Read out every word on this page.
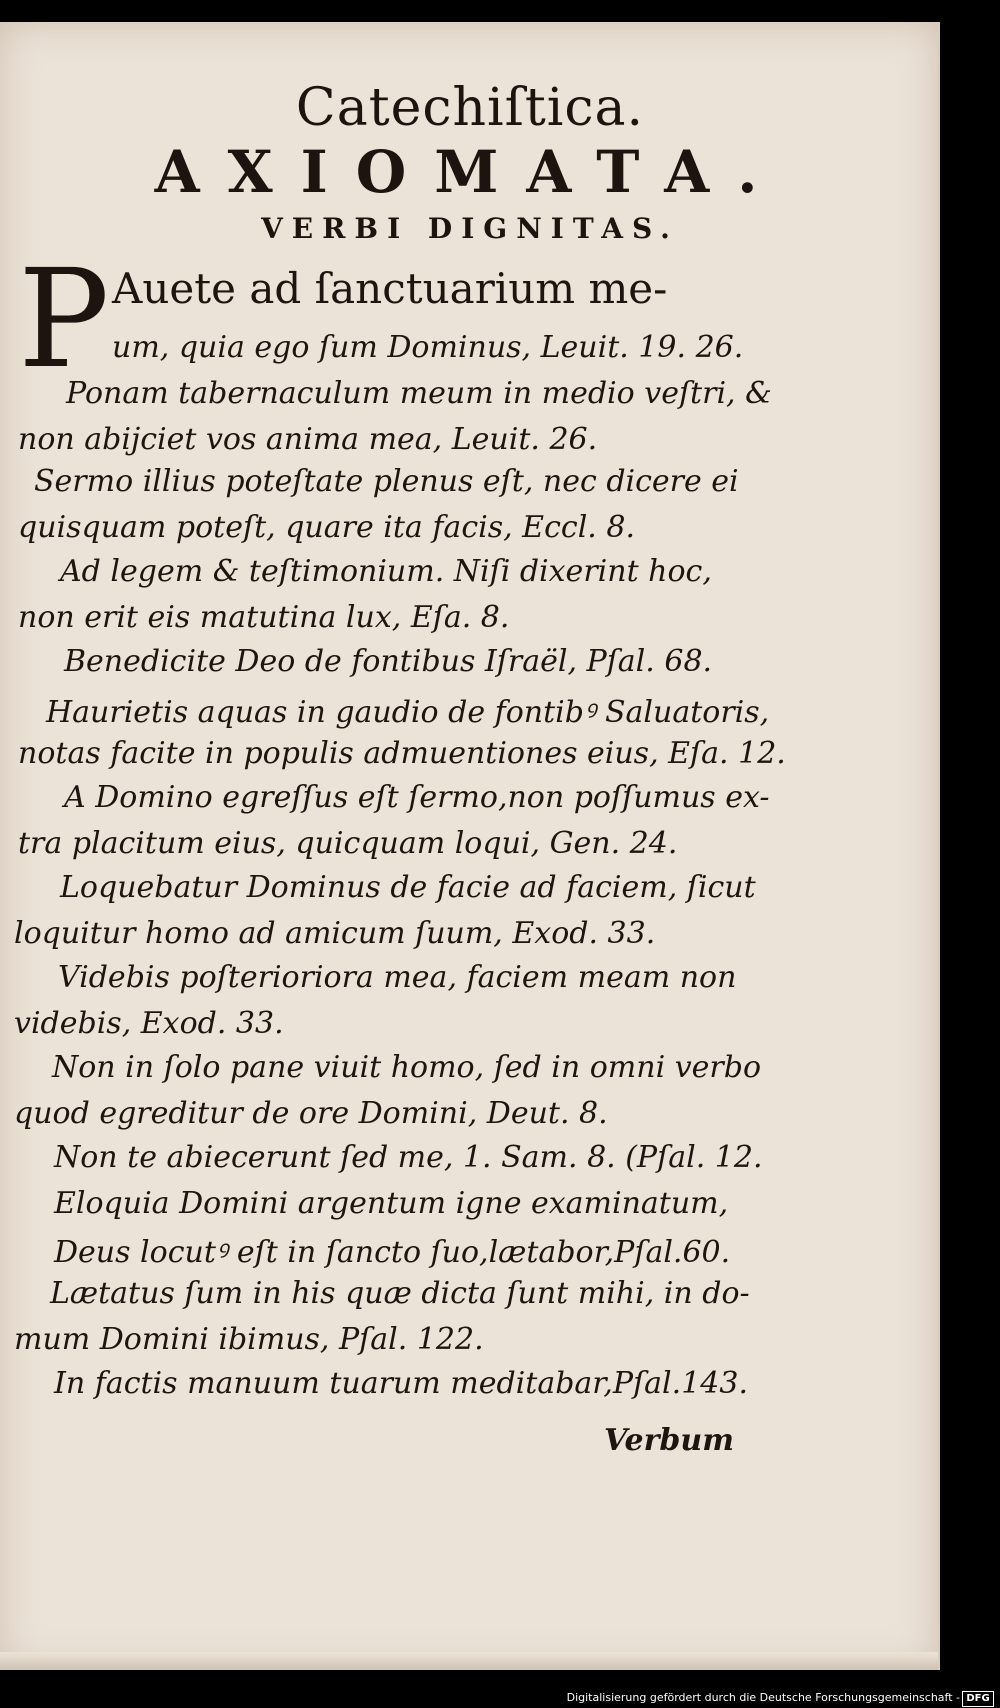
Catechiſtica.
AXIOMATA.
VERBI DIGNITAS.
P Auete ad ſanctuarium me-
um, quia ego ſum Dominus, Leuit. 19. 26.
Ponam tabernaculum meum in medio veſtri, &
non abijciet vos anima mea, Leuit. 26.
Sermo illius poteſtate plenus eſt, nec dicere ei
quisquam poteſt, quare ita facis, Eccl. 8.
Ad legem & teſtimonium. Niſi dixerint hoc,
non erit eis matutina lux, Eſa. 8.
Benedicite Deo de fontibus Iſraël, Pſal. 68.
Haurietis aquas in gaudio de fontibꝰ Saluatoris,
notas facite in populis admuentiones eius, Eſa. 12.
A Domino egreſſus eſt ſermo,non poſſumus ex-
tra placitum eius, quicquam loqui, Gen. 24.
Loquebatur Dominus de facie ad faciem, ſicut
loquitur homo ad amicum ſuum, Exod. 33.
Videbis poſterioriora mea, faciem meam non
videbis, Exod. 33.
Non in ſolo pane viuit homo, ſed in omni verbo
quod egreditur de ore Domini, Deut. 8.
Non te abiecerunt ſed me, 1. Sam. 8. (Pſal. 12.
Eloquia Domini argentum igne examinatum,
Deus locutꝰ eſt in ſancto ſuo,lætabor,Pſal.60.
Lætatus ſum in his quæ dicta ſunt mihi, in do-
mum Domini ibimus, Pſal. 122.
In factis manuum tuarum meditabar,Pſal.143.
Verbum
Digitalisierung gefördert durch die Deutsche Forschungsgemeinschaft - DFG
